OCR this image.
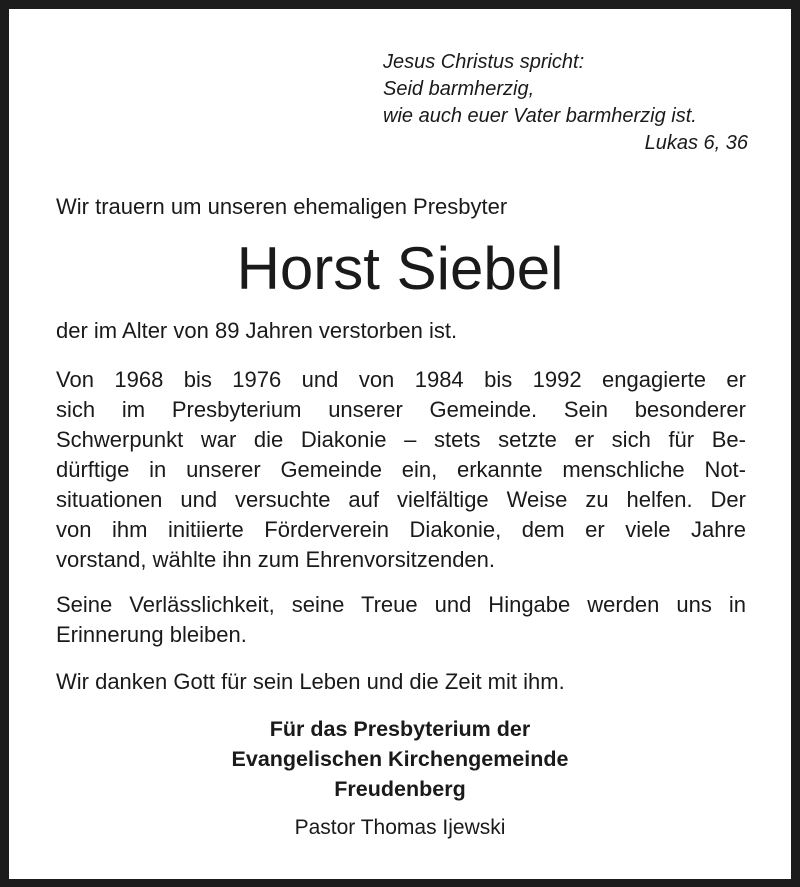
Jesus Christus spricht:
Seid barmherzig,
wie auch euer Vater barmherzig ist.
Lukas 6, 36
Wir trauern um unseren ehemaligen Presbyter
Horst Siebel
der im Alter von 89 Jahren verstorben ist.
Von 1968 bis 1976 und von 1984 bis 1992 engagierte er
sich im Presbyterium unserer Gemeinde. Sein besonderer
Schwerpunkt war die Diakonie – stets setzte er sich für Be-
dürftige in unserer Gemeinde ein, erkannte menschliche Not-
situationen und versuchte auf vielfältige Weise zu helfen. Der
von ihm initiierte Förderverein Diakonie, dem er viele Jahre
vorstand, wählte ihn zum Ehrenvorsitzenden.
Seine Verlässlichkeit, seine Treue und Hingabe werden uns in
Erinnerung bleiben.
Wir danken Gott für sein Leben und die Zeit mit ihm.
Für das Presbyterium der
Evangelischen Kirchengemeinde
Freudenberg
Pastor Thomas Ijewski
